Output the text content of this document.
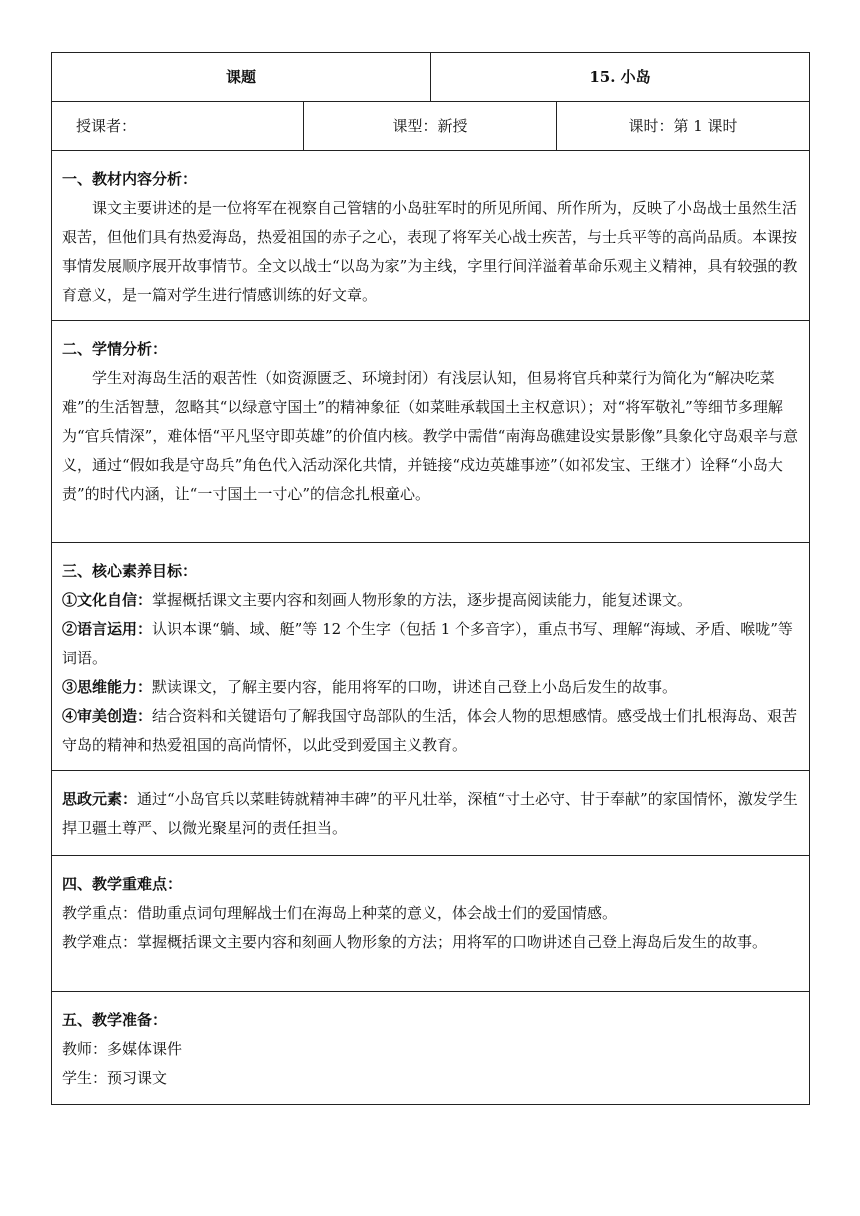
课题		15. 小岛	
授课者：	课型：新授		课时：第 1 课时

一、教材内容分析：
课文主要讲述的是一位将军在视察自己管辖的小岛驻军时的所见所闻、所作所为，反映了小岛战士虽然生活艰苦，但他们具有热爱海岛，热爱祖国的赤子之心，表现了将军关心战士疾苦，与士兵平等的高尚品质。本课按事情发展顺序展开故事情节。全文以战士“以岛为家”为主线，字里行间洋溢着革命乐观主义精神，具有较强的教育意义，是一篇对学生进行情感训练的好文章。			

二、学情分析：
学生对海岛生活的艰苦性（如资源匮乏、环境封闭）有浅层认知，但易将官兵种菜行为简化为“解决吃菜难”的生活智慧，忽略其“以绿意守国土”的精神象征（如菜畦承载国土主权意识）；对“将军敬礼”等细节多理解为“官兵情深”，难体悟“平凡坚守即英雄”的价值内核。教学中需借“南海岛礁建设实景影像”具象化守岛艰辛与意义，通过“假如我是守岛兵”角色代入活动深化共情，并链接“戍边英雄事迹”（如祁发宝、王继才）诠释“小岛大责”的时代内涵，让“一寸国土一寸心”的信念扎根童心。			

三、核心素养目标：
①文化自信：掌握概括课文主要内容和刻画人物形象的方法，逐步提高阅读能力，能复述课文。
②语言运用：认识本课“躺、域、艇”等 12 个生字（包括 1 个多音字），重点书写、理解“海域、矛盾、喉咙”等词语。
③思维能力：默读课文，了解主要内容，能用将军的口吻，讲述自己登上小岛后发生的故事。
④审美创造：结合资料和关键语句了解我国守岛部队的生活，体会人物的思想感情。感受战士们扎根海岛、艰苦守岛的精神和热爱祖国的高尚情怀，以此受到爱国主义教育。			

思政元素：通过“小岛官兵以菜畦铸就精神丰碑”的平凡壮举，深植“寸土必守、甘于奉献”的家国情怀，激发学生捍卫疆土尊严、以微光聚星河的责任担当。			

四、教学重难点：
教学重点：借助重点词句理解战士们在海岛上种菜的意义，体会战士们的爱国情感。
教学难点：掌握概括课文主要内容和刻画人物形象的方法；用将军的口吻讲述自己登上海岛后发生的故事。			

五、教学准备：
教师：多媒体课件
学生：预习课文			
